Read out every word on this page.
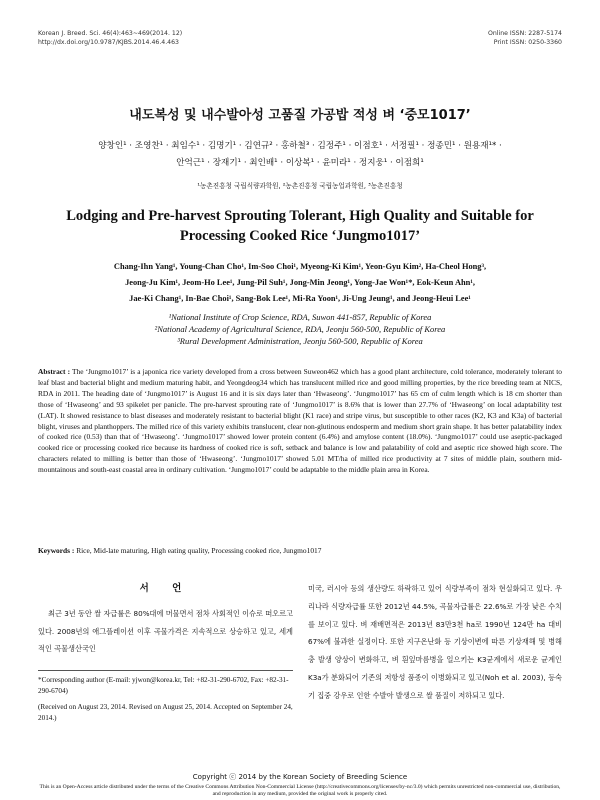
Korean J. Breed. Sci. 46(4):463~469(2014. 12)
http://dx.doi.org/10.9787/KJBS.2014.46.4.463
Online ISSN: 2287-5174
Print ISSN: 0250-3360
내도복성 및 내수발아성 고품질 가공밥 적성 벼 ‘중모1017’
양창인¹ · 조영찬¹ · 최임수¹ · 김명기¹ · 김연규² · 홍하철³ · 김정주¹ · 이점호¹ · 서정필¹ · 정종민¹ · 원용재¹* ·
안억근¹ · 장재기¹ · 최인배¹ · 이상복¹ · 윤미라¹ · 정지웅¹ · 이점희¹
¹농촌진흥청 국립식량과학원, ²농촌진흥청 국립농업과학원, ³농촌진흥청
Lodging and Pre-harvest Sprouting Tolerant, High Quality and Suitable for Processing Cooked Rice ‘Jungmo1017’
Chang-Ihn Yang¹, Young-Chan Cho¹, Im-Soo Choi¹, Myeong-Ki Kim¹, Yeon-Gyu Kim², Ha-Cheol Hong³,
Jeong-Ju Kim¹, Jeom-Ho Lee¹, Jung-Pil Suh¹, Jong-Min Jeong¹, Yong-Jae Won¹*, Eok-Keun Ahn¹,
Jae-Ki Chang¹, In-Bae Choi¹, Sang-Bok Lee¹, Mi-Ra Yoon¹, Ji-Ung Jeung¹, and Jeong-Heui Lee¹
¹National Institute of Crop Science, RDA, Suwon 441-857, Republic of Korea
²National Academy of Agricultural Science, RDA, Jeonju 560-500, Republic of Korea
³Rural Development Administration, Jeonju 560-500, Republic of Korea
Abstract : The ‘Jungmo1017’ is a japonica rice variety developed from a cross between Suweon462 which has a good plant architecture, cold tolerance, moderately tolerant to leaf blast and bacterial blight and medium maturing habit, and Yeongdeog34 which has translucent milled rice and good milling properties, by the rice breeding team at NICS, RDA in 2011. The heading date of ‘Jungmo1017’ is August 16 and it is six days later than ‘Hwaseong’. ‘Jungmo1017’ has 65 cm of culm length which is 18 cm shorter than those of ‘Hwaseong’ and 93 spikelet per panicle. The pre-harvest sprouting rate of ‘Jungmo1017’ is 8.6% that is lower than 27.7% of ‘Hwaseong’ on local adaptability test (LAT). It showed resistance to blast diseases and moderately resistant to bacterial blight (K1 race) and stripe virus, but susceptible to other races (K2, K3 and K3a) of bacterial blight, viruses and planthoppers. The milled rice of this variety exhibits translucent, clear non-glutinous endosperm and medium short grain shape. It has better palatability index of cooked rice (0.53) than that of ‘Hwaseong’. ‘Jungmo1017’ showed lower protein content (6.4%) and amylose content (18.0%). ‘Jungmo1017’ could use aseptic-packaged cooked rice or processing cooked rice because its hardness of cooked rice is soft, setback and balance is low and palatability of cold and aseptic rice showed high score. The characters related to milling is better than those of ‘Hwaseong’. ‘Jungmo1017’ showed 5.01 MT/ha of milled rice productivity at 7 sites of middle plain, southern mid-mountainous and south-east coastal area in ordinary cultivation. ‘Jungmo1017’ could be adaptable to the middle plain area in Korea.
Keywords : Rice, Mid-late maturing, High eating quality, Processing cooked rice, Jungmo1017
서 언
최근 3년 동안 쌀 자급률은 80%대에 머물면서 점차 사회적인 이슈로 떠오르고 있다. 2008년의 애그플레이션 이후 곡물가격은 지속적으로 상승하고 있고, 세계적인 곡물생산국인
미국, 러시아 등의 생산량도 하락하고 있어 식량부족이 점차 현실화되고 있다. 우리나라 식량자급률 또한 2012년 44.5%, 곡물자급률은 22.6%로 가장 낮은 수치를 보이고 있다. 벼 재배면적은 2013년 83만3천 ha로 1990년 124만 ha 대비 67%에 불과한 실정이다. 또한 지구온난화 등 기상이변에 따른 기상재해 및 병해충 발생 양상이 변화하고, 벼 흰잎마름병을 일으키는 K3균계에서 새로운 균계인 K3a가 분화되어 기존의 저항성 품종이 이병화되고 있고(Noh et al. 2003), 등숙기 집중 강우로 인한 수발아 발생으로 쌀 품질이 저하되고 있다.
*Corresponding author (E-mail: yjwon@korea.kr, Tel: +82-31-290-6702, Fax: +82-31-290-6704)
(Received on August 23, 2014. Revised on August 25, 2014. Accepted on September 24, 2014.)
Copyright ⓒ 2014 by the Korean Society of Breeding Science
This is an Open-Access article distributed under the terms of the Creative Commons Attribution Non-Commercial License (http://creativecommons.org/licenses/by-nc/3.0) which permits unrestricted non-commercial use, distribution, and reproduction in any medium, provided the original work is properly cited.
